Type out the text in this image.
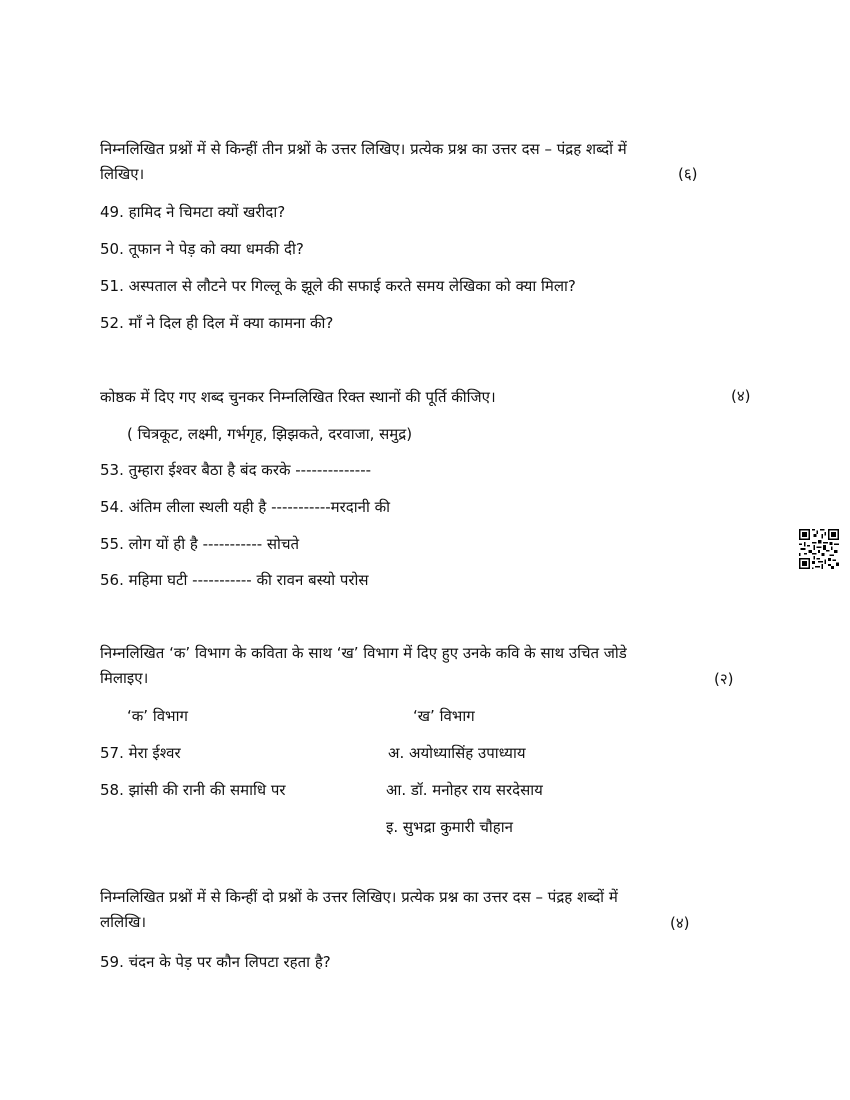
निम्नलिखित प्रश्नों में से किन्हीं तीन प्रश्नों के उत्तर लिखिए। प्रत्येक प्रश्न का उत्तर दस – पंद्रह शब्दों में
लिखिए।	(६)
49. हामिद ने चिमटा क्यों खरीदा?
50. तूफान ने पेड़ को क्या धमकी दी?
51. अस्पताल से लौटने पर गिल्लू के झूले की सफाई करते समय लेखिका को क्या मिला?
52. माँ ने दिल ही दिल में क्या कामना की?
कोष्ठक में दिए गए शब्द चुनकर निम्नलिखित रिक्त स्थानों की पूर्ति कीजिए।	(४)
( चित्रकूट, लक्ष्मी, गर्भगृह, झिझकते, दरवाजा, समुद्र)
53. तुम्हारा ईश्वर बैठा है बंद करके --------------
54. अंतिम लीला स्थली यही है -----------मरदानी की
55. लोग यों ही है ----------- सोचते
56. महिमा घटी ----------- की रावन बस्यो परोस
निम्नलिखित ‘क’ विभाग के कविता के साथ ‘ख’ विभाग में दिए हुए उनके कवि के साथ उचित जोडे
मिलाइए।	(२)
‘क’ विभाग	‘ख’ विभाग
57. मेरा ईश्वर	अ. अयोध्यासिंह उपाध्याय
58. झांसी की रानी की समाधि पर	आ. डॉ. मनोहर राय सरदेसाय
इ. सुभद्रा कुमारी चौहान
निम्नलिखित प्रश्नों में से किन्हीं दो प्रश्नों के उत्तर लिखिए। प्रत्येक प्रश्न का उत्तर दस – पंद्रह शब्दों में
ललिखि।	(४)
59. चंदन के पेड़ पर कौन लिपटा रहता है?
